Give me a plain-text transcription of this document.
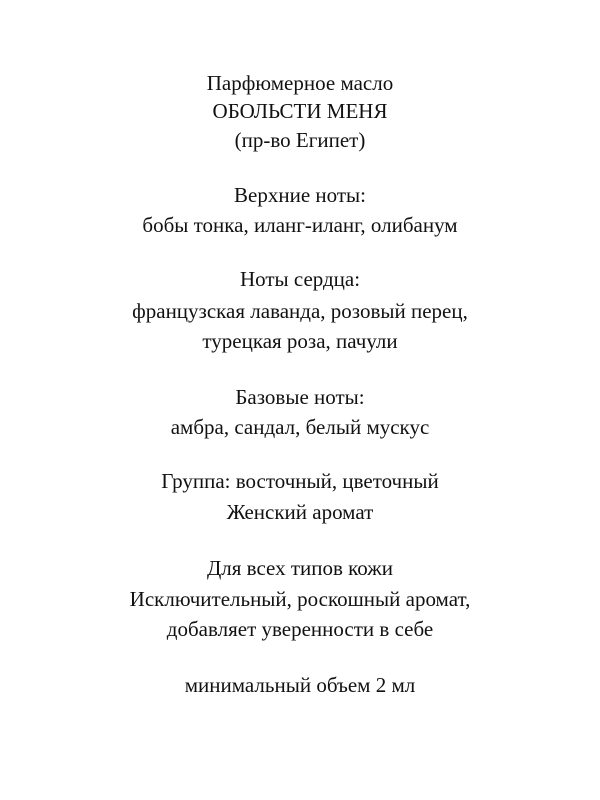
Парфюмерное масло
ОБОЛЬСТИ МЕНЯ
(пр-во Египет)
Верхние ноты:
бобы тонка, иланг-иланг, олибанум
Ноты сердца:
французская лаванда, розовый перец,
турецкая роза, пачули
Базовые ноты:
амбра, сандал, белый мускус
Группа: восточный, цветочный
Женский аромат
Для всех типов кожи
Исключительный, роскошный аромат,
добавляет уверенности в себе
минимальный объем 2 мл
